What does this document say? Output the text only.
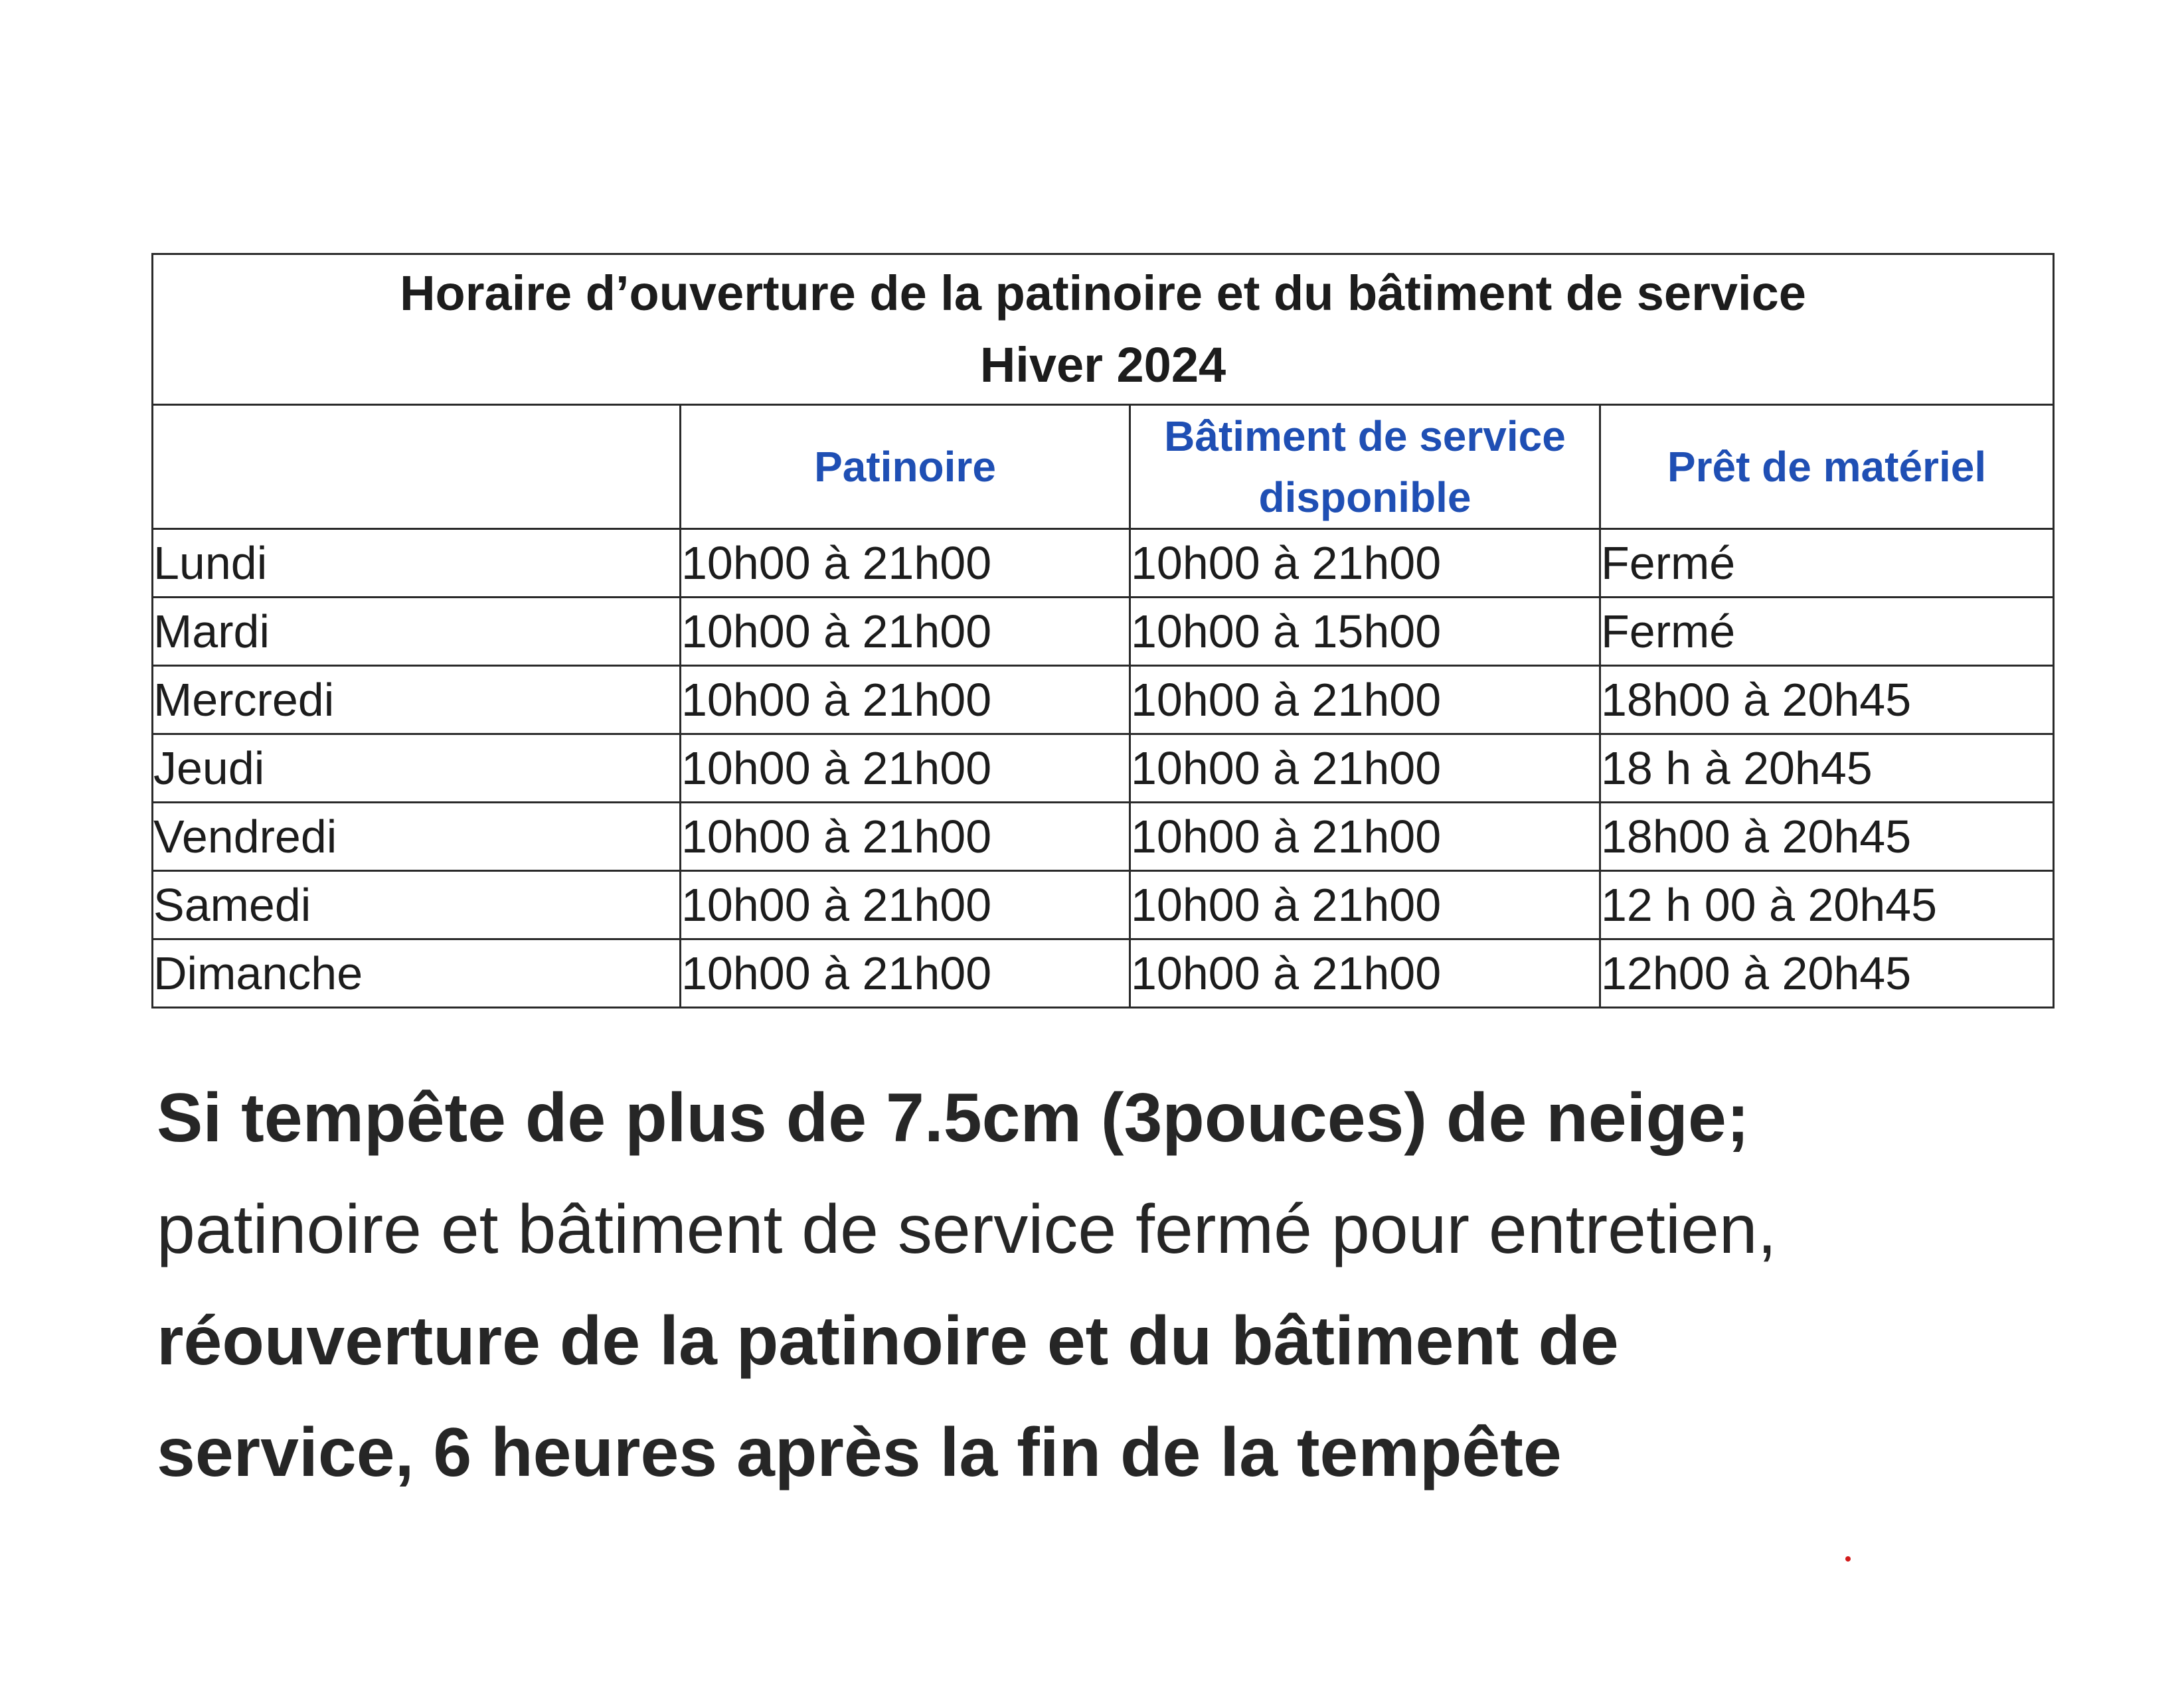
Horaire d’ouverture de la patinoire et du bâtiment de service
Hiver 2024			

	Patinoire	Bâtiment de service disponible	Prêt de matériel
Lundi	10h00 à 21h00	10h00 à 21h00	Fermé
Mardi	10h00 à 21h00	10h00 à 15h00	Fermé
Mercredi	10h00 à 21h00	10h00 à 21h00	18h00 à 20h45
Jeudi	10h00 à 21h00	10h00 à 21h00	18 h à 20h45
Vendredi	10h00 à 21h00	10h00 à 21h00	18h00 à 20h45
Samedi	10h00 à 21h00	10h00 à 21h00	12 h 00 à 20h45
Dimanche	10h00 à 21h00	10h00 à 21h00	12h00 à 20h45

Si tempête de plus de 7.5cm (3pouces) de neige;

patinoire et bâtiment de service fermé pour entretien,

réouverture de la patinoire et du bâtiment de

service, 6 heures après la fin de la tempête
